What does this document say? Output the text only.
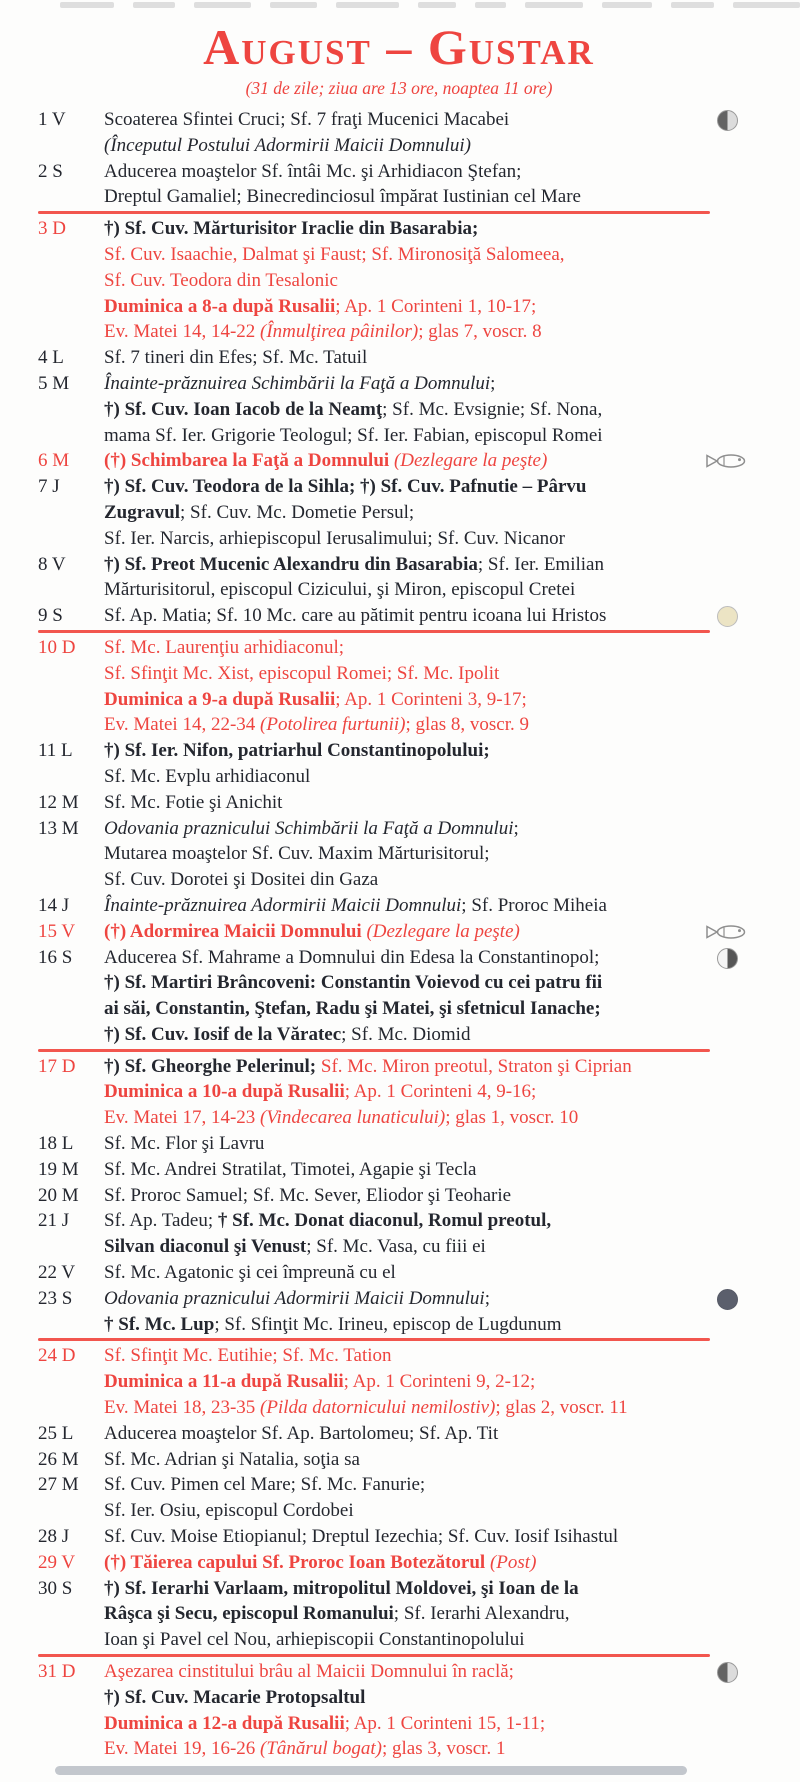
August – Gustar
(31 de zile; ziua are 13 ore, noaptea 11 ore)
1 V	Scoaterea Sfintei Cruci; Sf. 7 fraţi Mucenici Macabei
(Începutul Postului Adormirii Maicii Domnului)
2 S	Aducerea moaştelor Sf. întâi Mc. şi Arhidiacon Ştefan;
Dreptul Gamaliel; Binecredinciosul împărat Iustinian cel Mare
3 D	†) Sf. Cuv. Mărturisitor Iraclie din Basarabia;
Sf. Cuv. Isaachie, Dalmat şi Faust; Sf. Mironosiţă Salomeea,
Sf. Cuv. Teodora din Tesalonic
Duminica a 8-a după Rusalii; Ap. 1 Corinteni 1, 10-17;
Ev. Matei 14, 14-22 (Înmulţirea pâinilor); glas 7, voscr. 8
4 L	Sf. 7 tineri din Efes; Sf. Mc. Tatuil
5 M	Înainte-prăznuirea Schimbării la Faţă a Domnului;
†) Sf. Cuv. Ioan Iacob de la Neamţ; Sf. Mc. Evsignie; Sf. Nona,
mama Sf. Ier. Grigorie Teologul; Sf. Ier. Fabian, episcopul Romei
6 M	(†) Schimbarea la Faţă a Domnului (Dezlegare la peşte)
7 J	†) Sf. Cuv. Teodora de la Sihla; †) Sf. Cuv. Pafnutie – Pârvu
Zugravul; Sf. Cuv. Mc. Dometie Persul;
Sf. Ier. Narcis, arhiepiscopul Ierusalimului; Sf. Cuv. Nicanor
8 V	†) Sf. Preot Mucenic Alexandru din Basarabia; Sf. Ier. Emilian
Mărturisitorul, episcopul Cizicului, şi Miron, episcopul Cretei
9 S	Sf. Ap. Matia; Sf. 10 Mc. care au pătimit pentru icoana lui Hristos
10 D	Sf. Mc. Laurenţiu arhidiaconul;
Sf. Sfinţit Mc. Xist, episcopul Romei; Sf. Mc. Ipolit
Duminica a 9-a după Rusalii; Ap. 1 Corinteni 3, 9-17;
Ev. Matei 14, 22-34 (Potolirea furtunii); glas 8, voscr. 9
11 L	†) Sf. Ier. Nifon, patriarhul Constantinopolului;
Sf. Mc. Evplu arhidiaconul
12 M	Sf. Mc. Fotie şi Anichit
13 M	Odovania praznicului Schimbării la Faţă a Domnului;
Mutarea moaştelor Sf. Cuv. Maxim Mărturisitorul;
Sf. Cuv. Dorotei şi Dositei din Gaza
14 J	Înainte-prăznuirea Adormirii Maicii Domnului; Sf. Proroc Miheia
15 V	(†) Adormirea Maicii Domnului (Dezlegare la peşte)
16 S	Aducerea Sf. Mahrame a Domnului din Edesa la Constantinopol;
†) Sf. Martiri Brâncoveni: Constantin Voievod cu cei patru fii
ai săi, Constantin, Ştefan, Radu şi Matei, şi sfetnicul Ianache;
†) Sf. Cuv. Iosif de la Văratec; Sf. Mc. Diomid
17 D	†) Sf. Gheorghe Pelerinul; Sf. Mc. Miron preotul, Straton şi Ciprian
Duminica a 10-a după Rusalii; Ap. 1 Corinteni 4, 9-16;
Ev. Matei 17, 14-23 (Vindecarea lunaticului); glas 1, voscr. 10
18 L	Sf. Mc. Flor şi Lavru
19 M	Sf. Mc. Andrei Stratilat, Timotei, Agapie şi Tecla
20 M	Sf. Proroc Samuel; Sf. Mc. Sever, Eliodor şi Teoharie
21 J	Sf. Ap. Tadeu; † Sf. Mc. Donat diaconul, Romul preotul,
Silvan diaconul şi Venust; Sf. Mc. Vasa, cu fiii ei
22 V	Sf. Mc. Agatonic şi cei împreună cu el
23 S	Odovania praznicului Adormirii Maicii Domnului;
† Sf. Mc. Lup; Sf. Sfinţit Mc. Irineu, episcop de Lugdunum
24 D	Sf. Sfinţit Mc. Eutihie; Sf. Mc. Tation
Duminica a 11-a după Rusalii; Ap. 1 Corinteni 9, 2-12;
Ev. Matei 18, 23-35 (Pilda datornicului nemilostiv); glas 2, voscr. 11
25 L	Aducerea moaştelor Sf. Ap. Bartolomeu; Sf. Ap. Tit
26 M	Sf. Mc. Adrian şi Natalia, soţia sa
27 M	Sf. Cuv. Pimen cel Mare; Sf. Mc. Fanurie;
Sf. Ier. Osiu, episcopul Cordobei
28 J	Sf. Cuv. Moise Etiopianul; Dreptul Iezechia; Sf. Cuv. Iosif Isihastul
29 V	(†) Tăierea capului Sf. Proroc Ioan Botezătorul (Post)
30 S	†) Sf. Ierarhi Varlaam, mitropolitul Moldovei, şi Ioan de la
Râşca şi Secu, episcopul Romanului; Sf. Ierarhi Alexandru,
Ioan şi Pavel cel Nou, arhiepiscopii Constantinopolului
31 D	Aşezarea cinstitului brâu al Maicii Domnului în raclă;
†) Sf. Cuv. Macarie Protopsaltul
Duminica a 12-a după Rusalii; Ap. 1 Corinteni 15, 1-11;
Ev. Matei 19, 16-26 (Tânărul bogat); glas 3, voscr. 1
